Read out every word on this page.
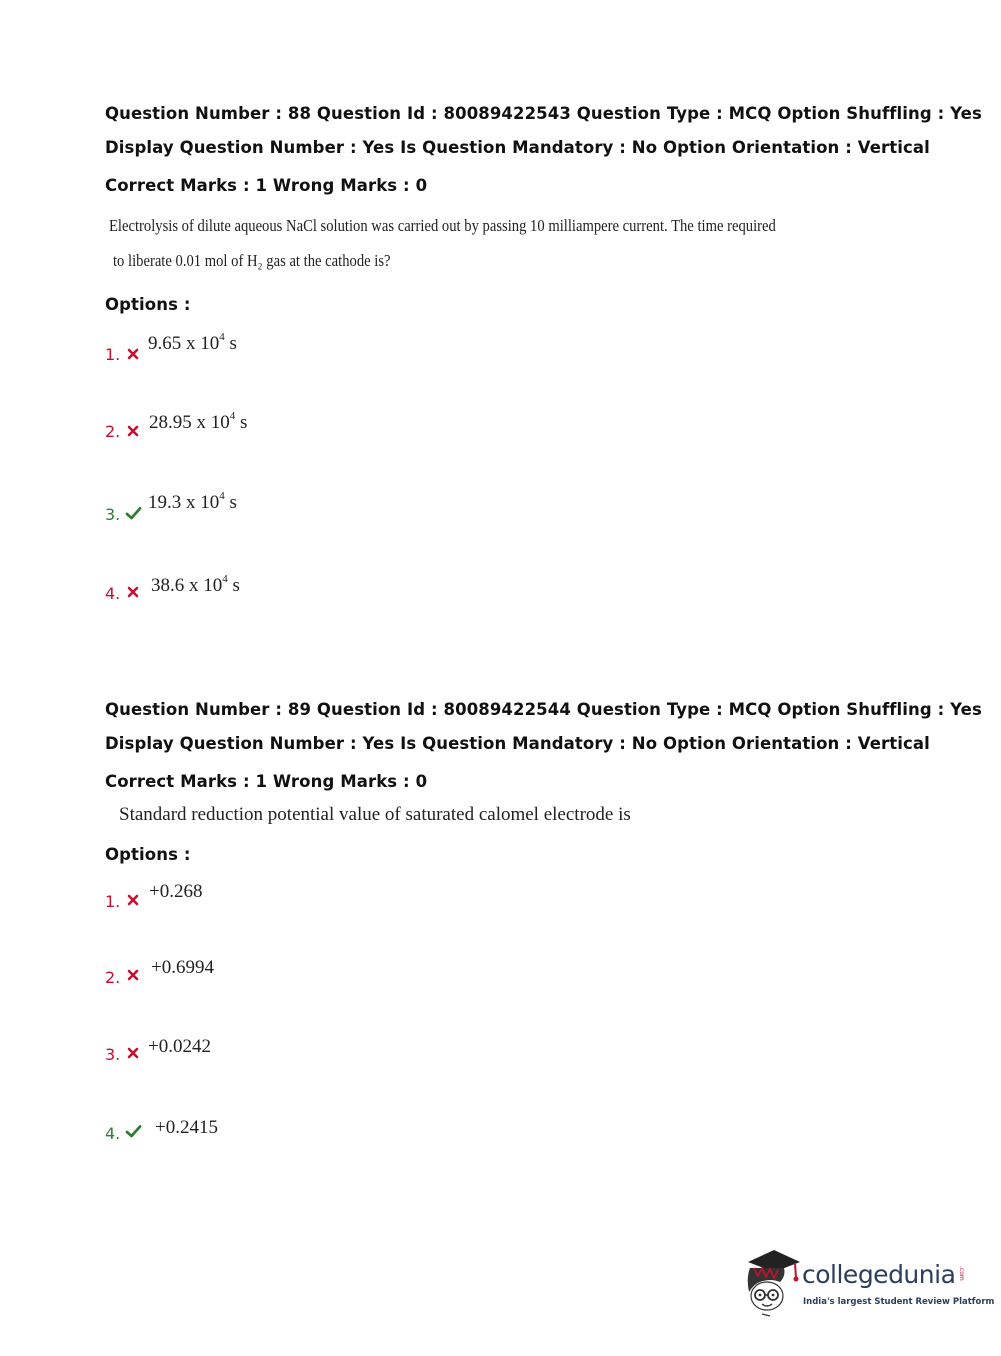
Question Number : 88 Question Id : 80089422543 Question Type : MCQ Option Shuffling : Yes
Display Question Number : Yes Is Question Mandatory : No Option Orientation : Vertical
Correct Marks : 1 Wrong Marks : 0
Electrolysis of dilute aqueous NaCl solution was carried out by passing 10 milliampere current. The time required
to liberate 0.01 mol of H₂ gas at the cathode is?
Options :
1.
9.65 x $10^4$ s
2. 28.95 x $10^4$ s
3.
19.3 x $10^4$ s
4. 38.6 x $10^4$ s
Question Number : 89 Question Id : 80089422544 Question Type : MCQ Option Shuffling : Yes
Display Question Number : Yes Is Question Mandatory : No Option Orientation : Vertical
Correct Marks : 1 Wrong Marks : 0
Standard reduction potential value of saturated calomel electrode is
Options :
1. +0.268
2. +0.6994
3. +0.0242
4. +0.2415
collegedunia .com
India's largest Student Review Platform
